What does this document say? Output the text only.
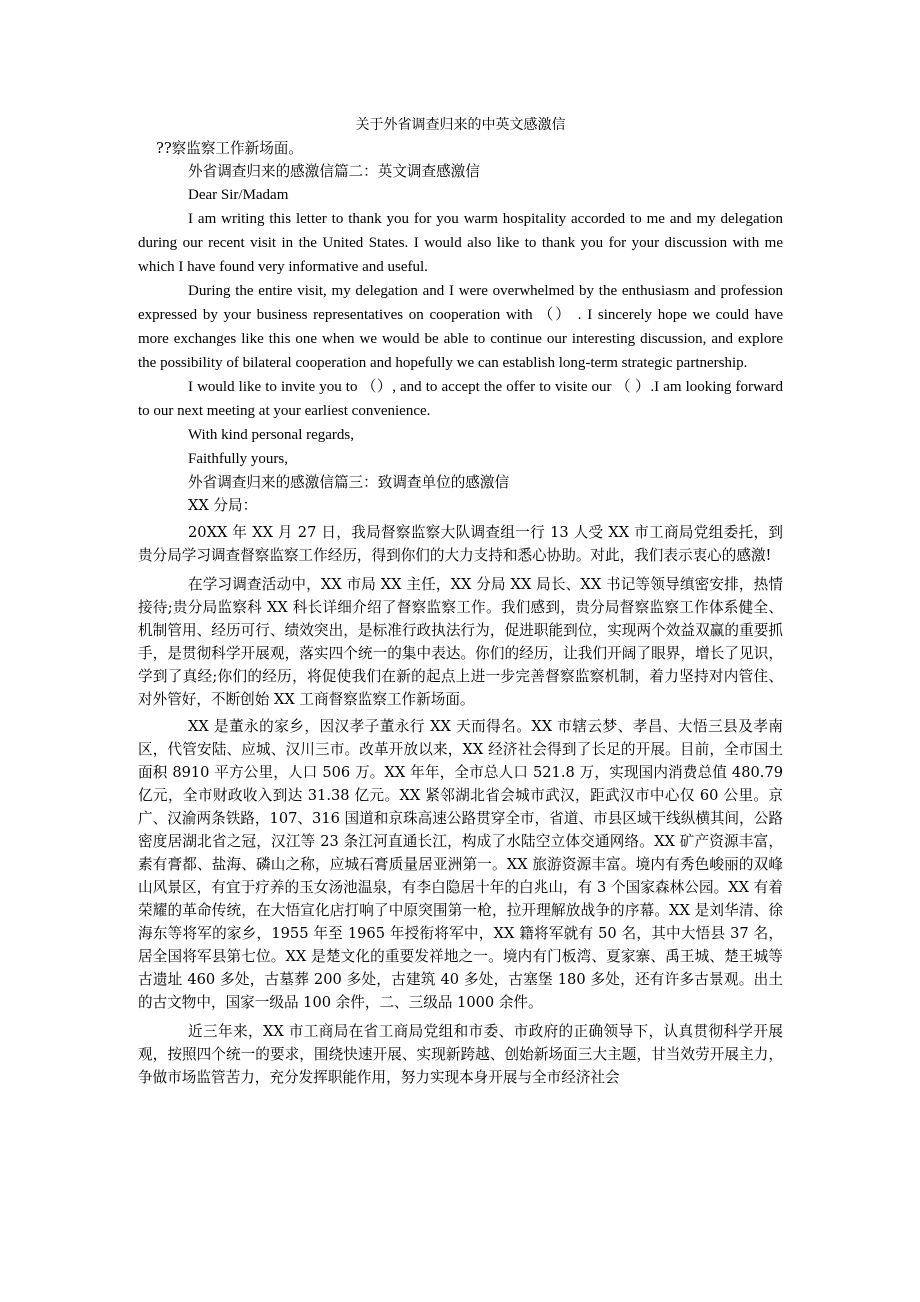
关于外省调查归来的中英文感激信

??察监察工作新场面。

外省调查归来的感激信篇二：英文调查感激信

Dear Sir/Madam

I am writing this letter to thank you for you warm hospitality accorded to me and my delegation during our recent visit in the United States. I would also like to thank you for your discussion with me which I have found very informative and useful.

During the entire visit, my delegation and I were overwhelmed by the enthusiasm and profession expressed by your business representatives on cooperation with （） . I sincerely hope we could have more exchanges like this one when we would be able to continue our interesting discussion, and explore the possibility of bilateral cooperation and hopefully we can establish long-term strategic partnership.

I would like to invite you to （）, and to accept the offer to visite our （ ）.I am looking forward to our next meeting at your earliest convenience.

With kind personal regards,

Faithfully yours,

外省调查归来的感激信篇三：致调查单位的感激信

XX 分局：

20XX 年 XX 月 27 日，我局督察监察大队调查组一行 13 人受 XX 市工商局党组委托，到贵分局学习调查督察监察工作经历，得到你们的大力支持和悉心协助。对此，我们表示衷心的感激!

在学习调查活动中，XX 市局 XX 主任，XX 分局 XX 局长、XX 书记等领导缜密安排，热情接待;贵分局监察科 XX 科长详细介绍了督察监察工作。我们感到，贵分局督察监察工作体系健全、机制管用、经历可行、绩效突出，是标准行政执法行为，促进职能到位，实现两个效益双赢的重要抓手，是贯彻科学开展观，落实四个统一的集中表达。你们的经历，让我们开阔了眼界，增长了见识，学到了真经;你们的经历，将促使我们在新的起点上进一步完善督察监察机制，着力坚持对内管住、对外管好，不断创始 XX 工商督察监察工作新场面。

XX 是董永的家乡，因汉孝子董永行 XX 天而得名。XX 市辖云梦、孝昌、大悟三县及孝南区，代管安陆、应城、汉川三市。改革开放以来，XX 经济社会得到了长足的开展。目前，全市国土面积 8910 平方公里，人口 506 万。XX 年年，全市总人口 521.8 万，实现国内消费总值 480.79 亿元，全市财政收入到达 31.38 亿元。XX 紧邻湖北省会城市武汉，距武汉市中心仅 60 公里。京广、汉渝两条铁路，107、316 国道和京珠高速公路贯穿全市，省道、市县区域干线纵横其间，公路密度居湖北省之冠，汉江等 23 条江河直通长江，构成了水陆空立体交通网络。XX 矿产资源丰富，素有膏都、盐海、磷山之称，应城石膏质量居亚洲第一。XX 旅游资源丰富。境内有秀色峻丽的双峰山风景区，有宜于疗养的玉女汤池温泉，有李白隐居十年的白兆山，有 3 个国家森林公园。XX 有着荣耀的革命传统，在大悟宣化店打响了中原突围第一枪，拉开理解放战争的序幕。XX 是刘华清、徐海东等将军的家乡，1955 年至 1965 年授衔将军中，XX 籍将军就有 50 名，其中大悟县 37 名，居全国将军县第七位。XX 是楚文化的重要发祥地之一。境内有门板湾、夏家寨、禹王城、楚王城等古遗址 460 多处，古墓葬 200 多处，古建筑 40 多处，古塞堡 180 多处，还有许多古景观。出土的古文物中，国家一级品 100 余件，二、三级品 1000 余件。

近三年来，XX 市工商局在省工商局党组和市委、市政府的正确领导下，认真贯彻科学开展观，按照四个统一的要求，围绕快速开展、实现新跨越、创始新场面三大主题，甘当效劳开展主力，争做市场监管苦力，充分发挥职能作用，努力实现本身开展与全市经济社会
